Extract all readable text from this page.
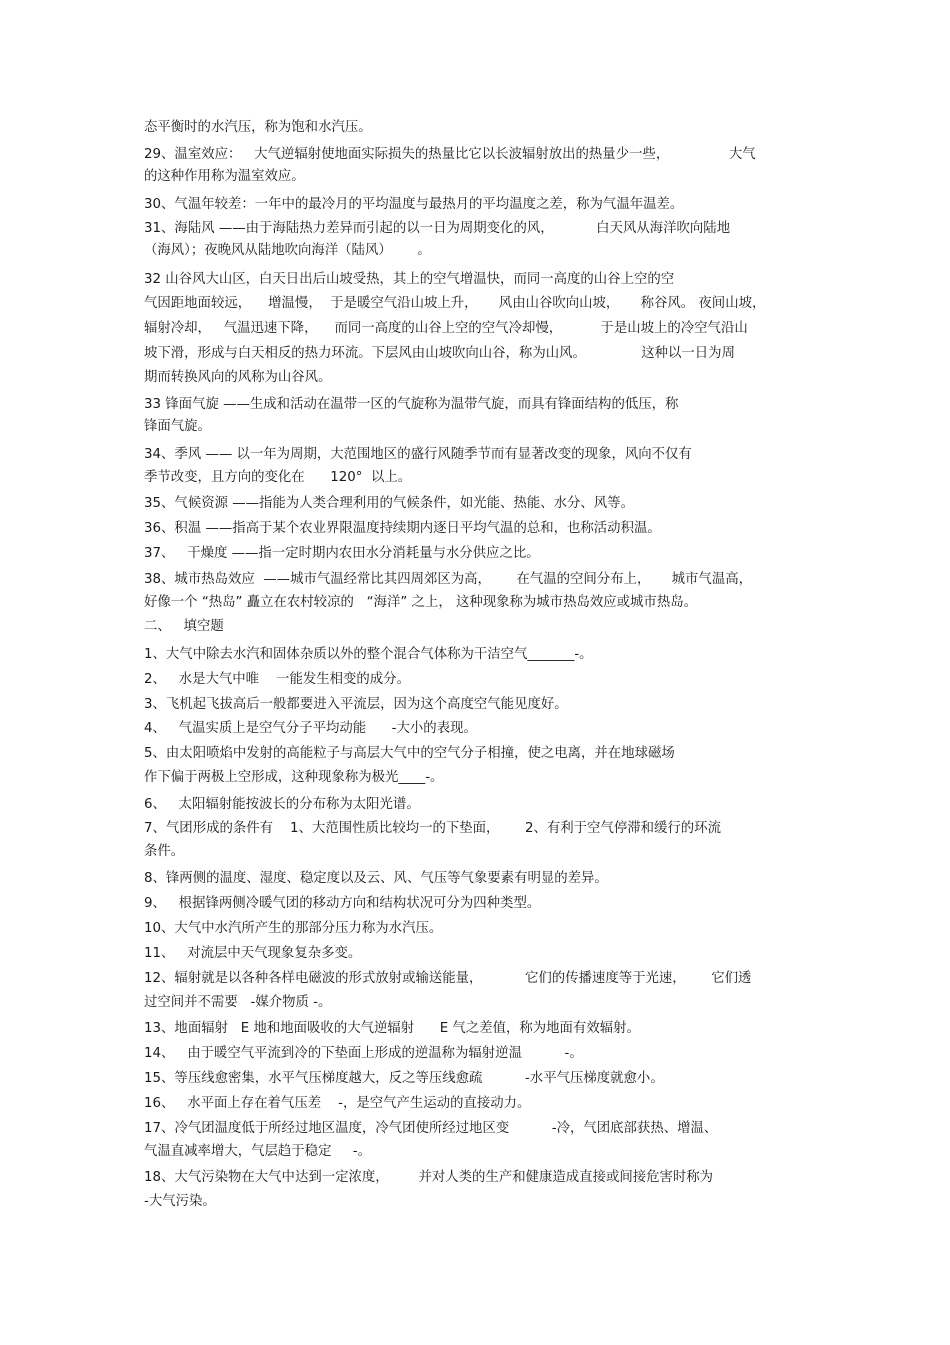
态平衡时的水汽压，称为饱和水汽压。
29、温室效应：   大气逆辐射使地面实际损失的热量比它以长波辐射放出的热量少一些，              大气
的这种作用称为温室效应。
30、气温年较差：一年中的最冷月的平均温度与最热月的平均温度之差，称为气温年温差。
31、海陆风 ——由于海陆热力差异而引起的以一日为周期变化的风，          白天风从海洋吹向陆地
（海风）；夜晚风从陆地吹向海洋（陆风）      。
32 山谷风大山区，白天日出后山坡受热，其上的空气增温快，而同一高度的山谷上空的空
气因距地面较远，    增温慢，  于是暖空气沿山坡上升，     风由山谷吹向山坡，     称谷风。 夜间山坡，
辐射冷却，   气温迅速下降，    而同一高度的山谷上空的空气冷却慢，         于是山坡上的冷空气沿山
坡下滑，形成与白天相反的热力环流。下层风由山坡吹向山谷，称为山风。             这种以一日为周
期而转换风向的风称为山谷风。
33 锋面气旋 ——生成和活动在温带一区的气旋称为温带气旋，而具有锋面结构的低压，称
锋面气旋。
34、季风 —— 以一年为周期，大范围地区的盛行风随季节而有显著改变的现象，风向不仅有
季节改变，且方向的变化在      120°  以上。
35、气候资源 ——指能为人类合理利用的气候条件，如光能、热能、水分、风等。
36、积温 ——指高于某个农业界限温度持续期内逐日平均气温的总和，也称活动积温。
37、   干燥度 ——指一定时期内农田水分消耗量与水分供应之比。
38、城市热岛效应  ——城市气温经常比其四周郊区为高，      在气温的空间分布上，     城市气温高，
好像一个 “热岛” 矗立在农村较凉的   “海洋” 之上， 这种现象称为城市热岛效应或城市热岛。
二、   填空题
1、大气中除去水汽和固体杂质以外的整个混合气体称为干洁空气_______-。
2、   水是大气中唯    一能发生相变的成分。
3、飞机起飞拔高后一般都要进入平流层，因为这个高度空气能见度好。
4、   气温实质上是空气分子平均动能      -大小的表现。
5、由太阳喷焰中发射的高能粒子与高层大气中的空气分子相撞，使之电离，并在地球磁场
作下偏于两极上空形成，这种现象称为极光____-。
6、   太阳辐射能按波长的分布称为太阳光谱。
7、气团形成的条件有    1、大范围性质比较均一的下垫面，      2、有利于空气停滞和缓行的环流
条件。
8、锋两侧的温度、湿度、稳定度以及云、风、气压等气象要素有明显的差异。
9、   根据锋两侧冷暖气团的移动方向和结构状况可分为四种类型。
10、大气中水汽所产生的那部分压力称为水汽压。
11、   对流层中天气现象复杂多变。
12、辐射就是以各种各样电磁波的形式放射或输送能量，          它们的传播速度等于光速，      它们透
过空间并不需要   -媒介物质 -。
13、地面辐射   E 地和地面吸收的大气逆辐射      E 气之差值，称为地面有效辐射。
14、   由于暖空气平流到冷的下垫面上形成的逆温称为辐射逆温          -。
15、等压线愈密集，水平气压梯度越大，反之等压线愈疏          -水平气压梯度就愈小。
16、   水平面上存在着气压差    -，是空气产生运动的直接动力。
17、冷气团温度低于所经过地区温度，冷气团使所经过地区变          -冷，气团底部获热、增温、
气温直减率增大，气层趋于稳定     -。
18、大气污染物在大气中达到一定浓度，       并对人类的生产和健康造成直接或间接危害时称为
-大气污染。
